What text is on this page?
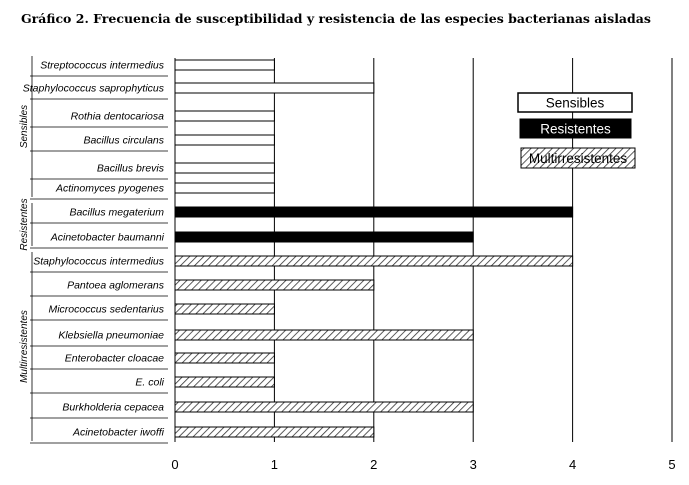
Gráfico 2. Frecuencia de susceptibilidad y resistencia de las especies bacterianas aisladas
Streptococcus intermedius
Staphylococcus saprophyticus
Rothia dentocariosa
Bacillus circulans
Bacillus brevis
Actinomyces pyogenes
Bacillus megaterium
Acinetobacter baumanni
Staphylococcus intermedius
Pantoea aglomerans
Micrococcus sedentarius
Klebsiella pneumoniae
Enterobacter cloacae
E. coli
Burkholderia cepacea
Acinetobacter iwoffi
Sensibles
Resistentes
Multirresistentes
0	1	2	3	4	5
Sensibles
Resistentes
Multirresistentes
